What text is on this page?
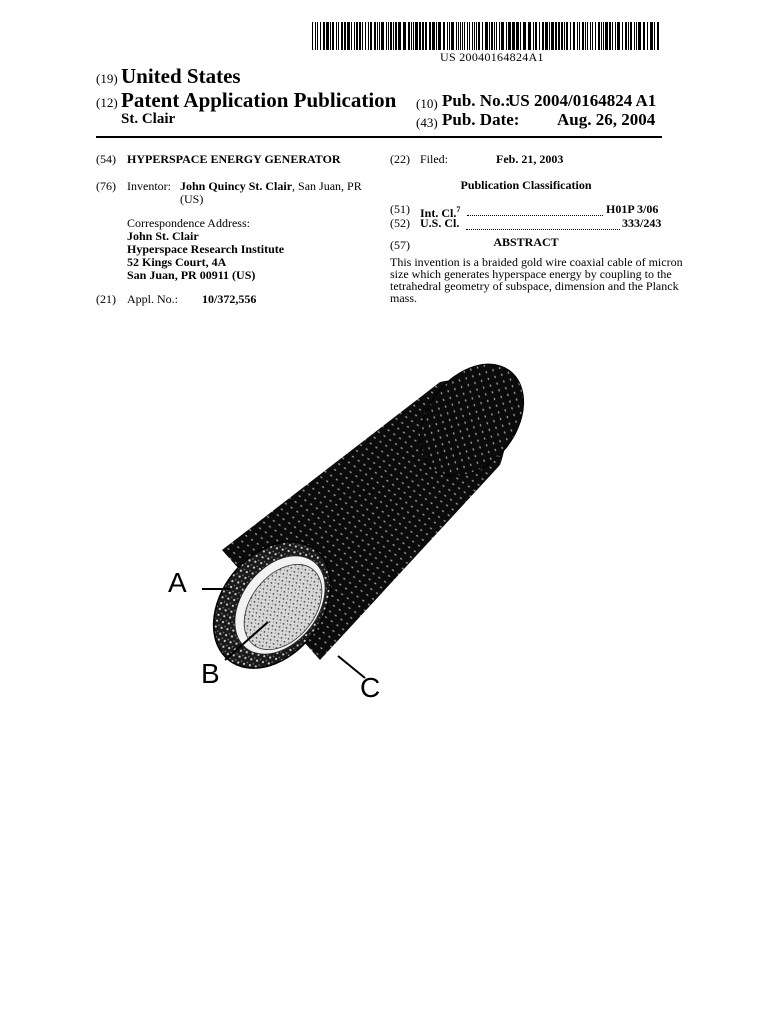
US 20040164824A1
(19) United States
(12) Patent Application Publication
St. Clair
(10) Pub. No.:
US 2004/0164824 A1
(43) Pub. Date: Aug. 26, 2004
(54) HYPERSPACE ENERGY GENERATOR
(76) Inventor: John Quincy St. Clair, San Juan, PR
(US)
Correspondence Address:
John St. Clair
Hyperspace Research Institute
52 Kings Court, 4A
San Juan, PR 00911 (US)
(21) Appl. No.: 10/372,556
(22) Filed:	Feb. 21, 2003
Publication Classification
(51) Int. Cl.$^7$	H01P 3/06
(52) U.S. Cl.	333/243
(57)	ABSTRACT
This invention is a braided gold wire coaxial cable of micron
size which generates hyperspace energy by coupling to the
tetrahedral geometry of subspace, dimension and the Planck
mass.
A
B	C
